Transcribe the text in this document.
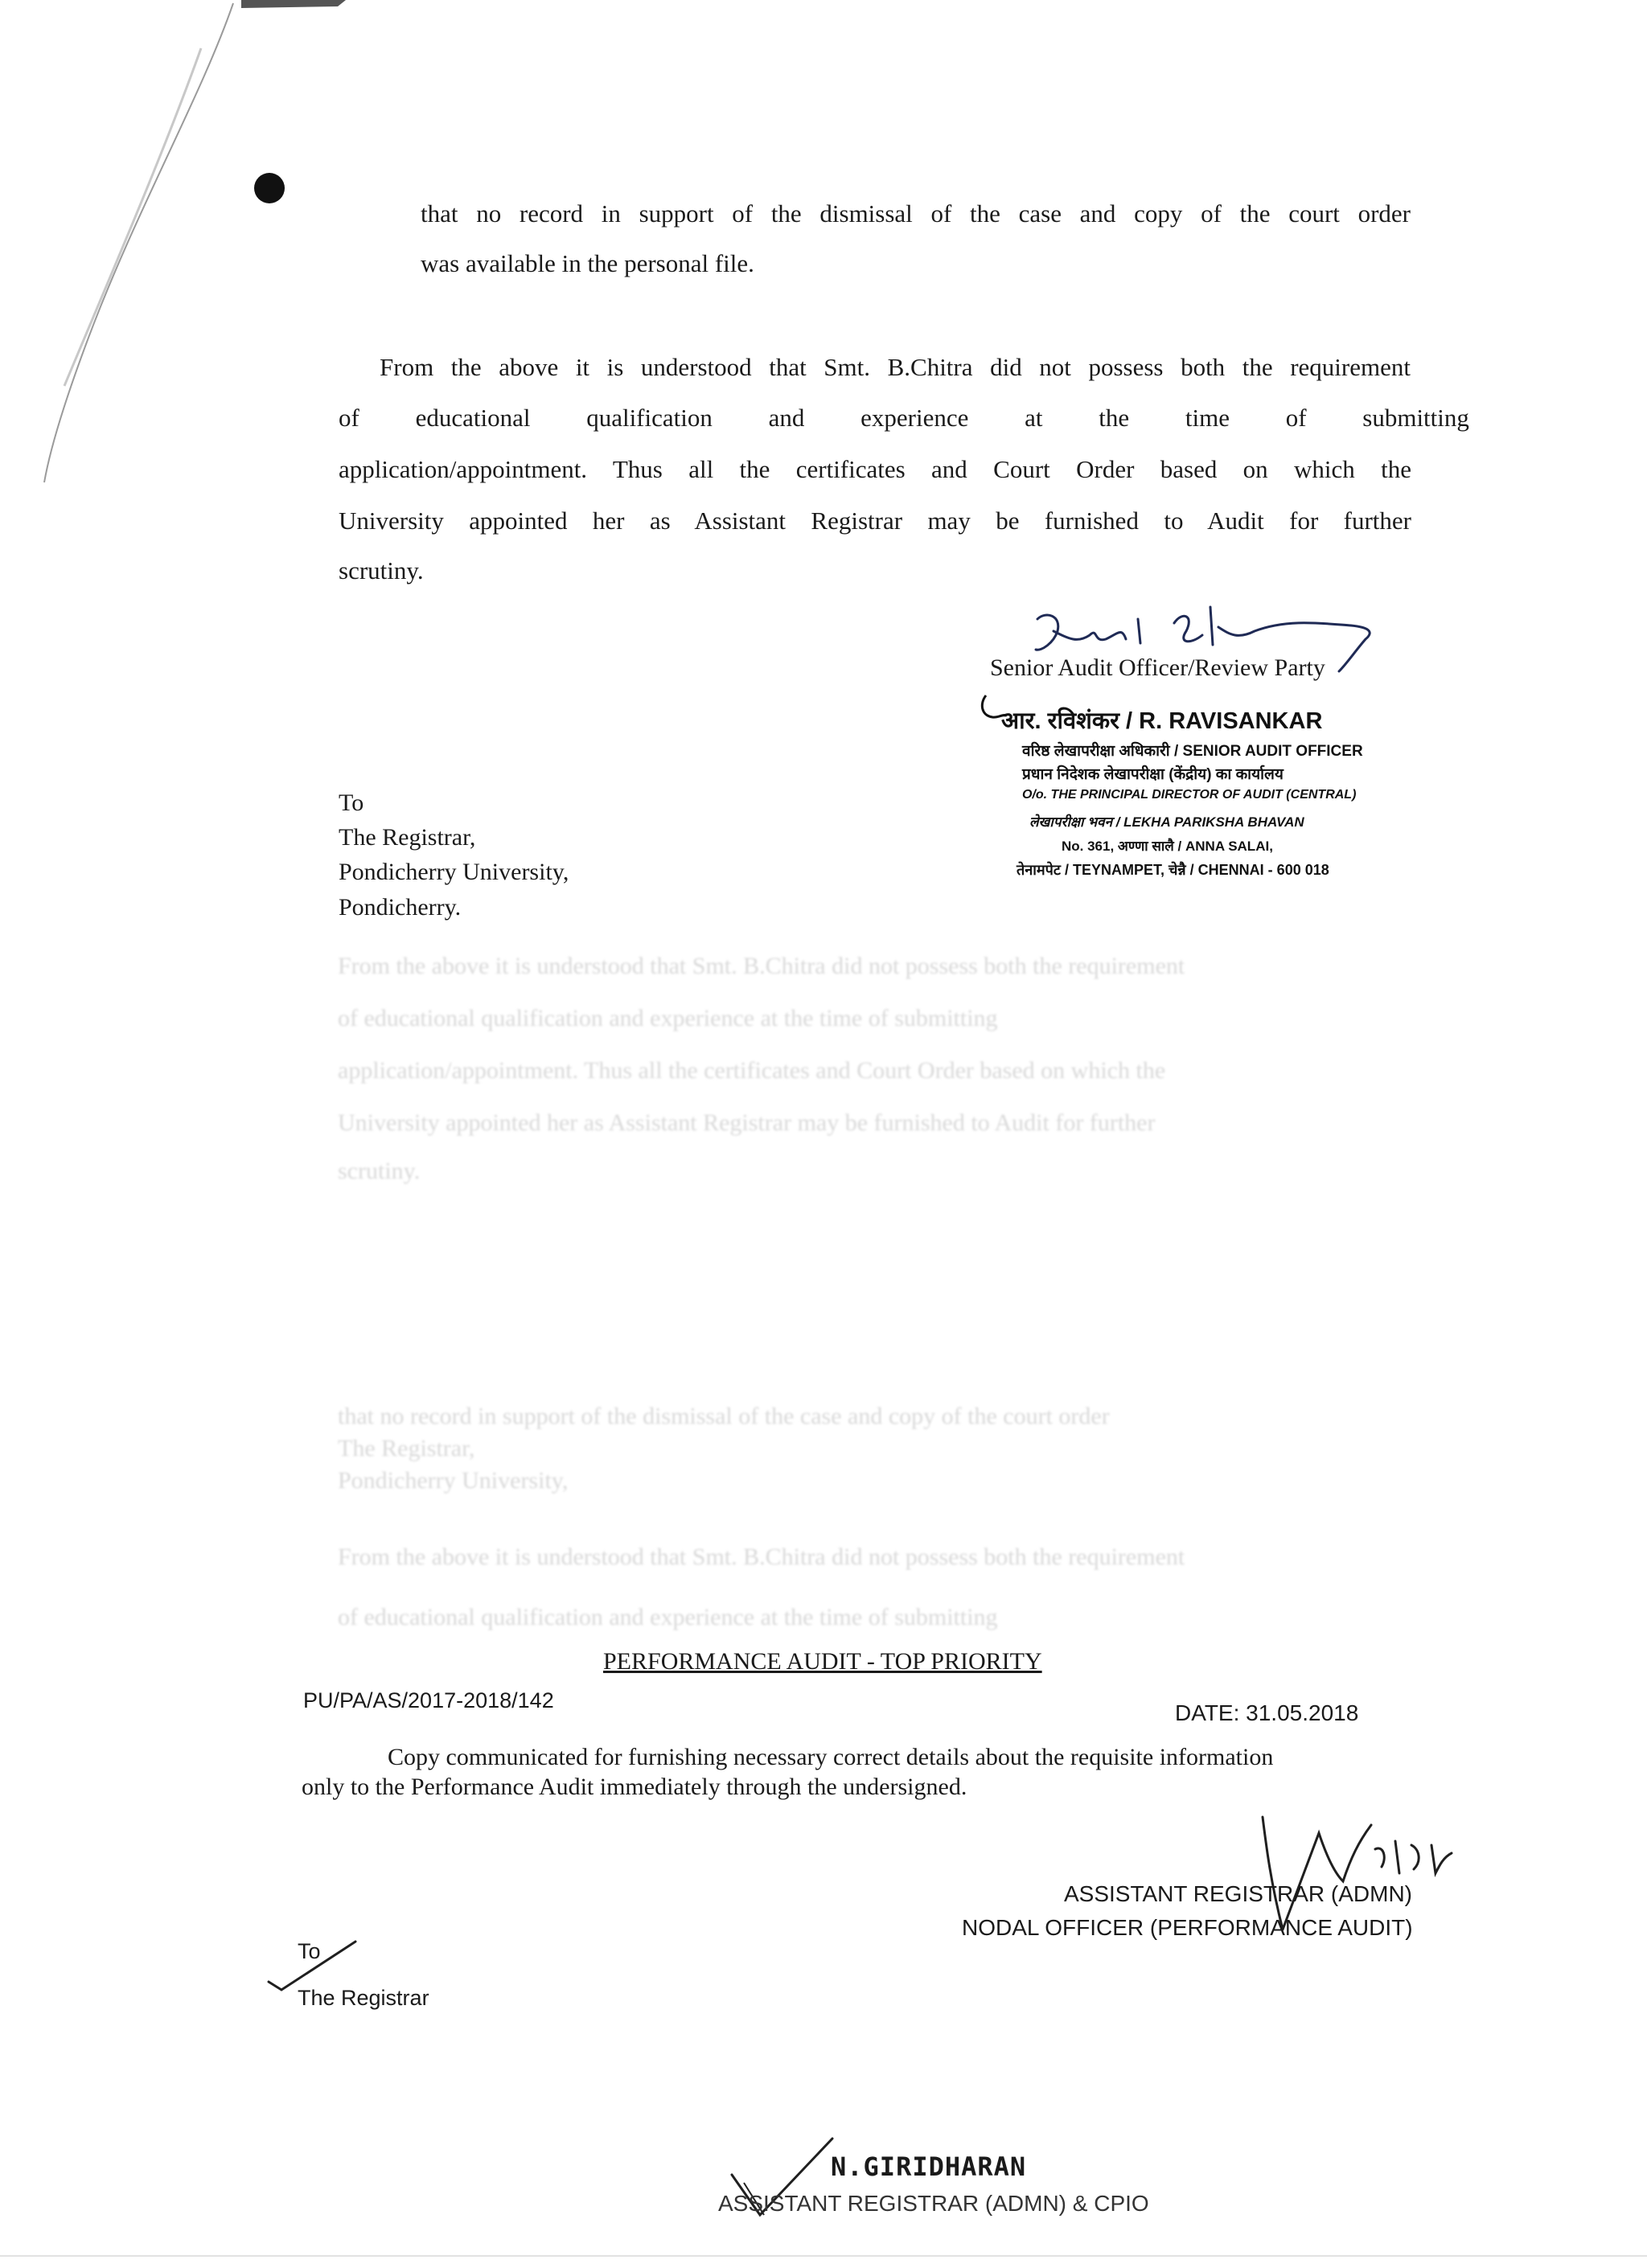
From the above it is understood that Smt. B.Chitra did not possess both the requirement
of educational qualification and experience at the time of submitting
application/appointment. Thus all the certificates and Court Order based on which the
University appointed her as Assistant Registrar may be furnished to Audit for further
scrutiny.
that no record in support of the dismissal of the case and copy of the court order
The Registrar,
Pondicherry University,
From the above it is understood that Smt. B.Chitra did not possess both the requirement
of educational qualification and experience at the time of submitting
that no record in support of the dismissal of the case and copy of the court order
was available in the personal file.
From the above it is understood that Smt. B.Chitra did not possess both the requirement
of educational qualification and experience at the time of submitting
application/appointment. Thus all the certificates and Court Order based on which the
University appointed her as Assistant Registrar may be furnished to Audit for further
scrutiny.
Senior Audit Officer/Review Party
आर. रविशंकर / R. RAVISANKAR
वरिष्ठ लेखापरीक्षा अधिकारी / SENIOR AUDIT OFFICER
प्रधान निदेशक लेखापरीक्षा (केंद्रीय) का कार्यालय
O/o. THE PRINCIPAL DIRECTOR OF AUDIT (CENTRAL)
लेखापरीक्षा भवन / LEKHA PARIKSHA BHAVAN
No. 361, अण्णा सालै / ANNA SALAI,
तेनामपेट / TEYNAMPET, चेन्नै / CHENNAI - 600 018
To
The Registrar,
Pondicherry University,
Pondicherry.
PERFORMANCE AUDIT - TOP PRIORITY
PU/PA/AS/2017-2018/142	DATE: 31.05.2018
Copy communicated for furnishing necessary correct details about the requisite information
only to the Performance Audit immediately through the undersigned.
ASSISTANT REGISTRAR (ADMN)
NODAL OFFICER (PERFORMANCE AUDIT)
To
The Registrar
N.GIRIDHARAN
ASSISTANT REGISTRAR (ADMN) & CPIO
